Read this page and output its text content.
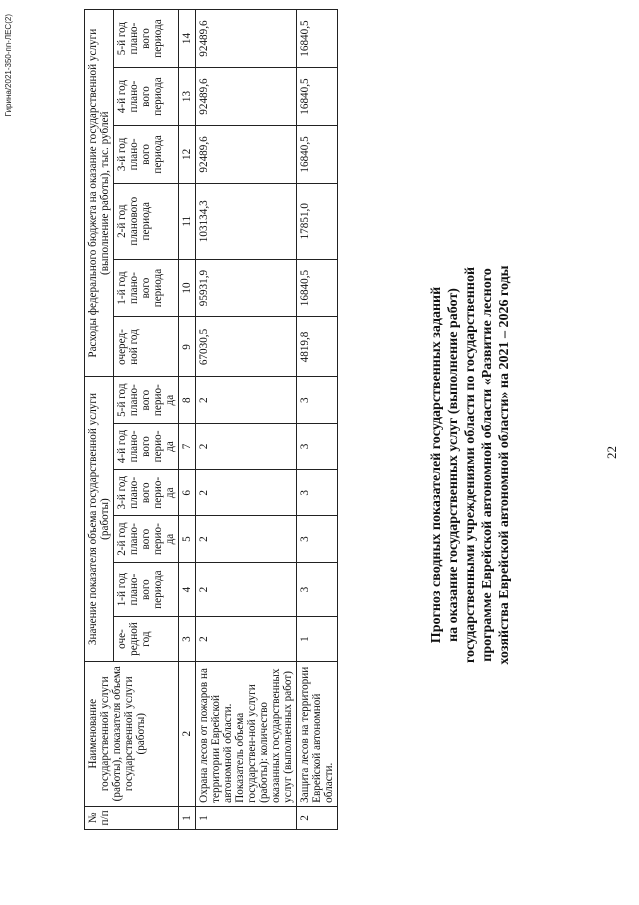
22
Прогноз сводных показателей государственных заданий на оказание государственных услуг (выполнение работ) государственными учреждениями области по государственной программе Еврейской автономной области «Развитие лесного хозяйства Еврейской автономной области» на 2021 – 2026 годы
Гирина/2021-350-пп-ЛЕС(2)
№ п/п	Наименование государственной услуги (работы), показателя объема государственной услуги (работы)	Значение показателя объема государственной услуги (работы)						Расходы федерального бюджета на оказание государственной услуги (выполнение работы), тыс. рублей					
		оче-редной год	1-й год плано-вого периода	2-й год плано-вого перио-да	3-й год плано-вого перио-да	4-й год плано-вого перио-да	5-й год плано-вого перио-да	очеред-ной год	1-й год плано-вого периода	2-й год планового периода	3-й год плано-вого периода	4-й год плано-вого периода	5-й год плано-вого периода
1	2	3	4	5	6	7	8	9	10	11	12	13	14
1	Охрана лесов от пожаров на территории Еврейской автономной области. Показатель объема государствен-ной услуги (работы): количество оказанных государственных услуг (выполненных работ)	2	2	2	2	2	2	67030,5	95931,9	103134,3	92489,6	92489,6	92489,6
2	Защита лесов на территории Еврейской автономной области.	1	3	3	3	3	3	4819,8	16840,5	17851,0	16840,5	16840,5	16840,5
